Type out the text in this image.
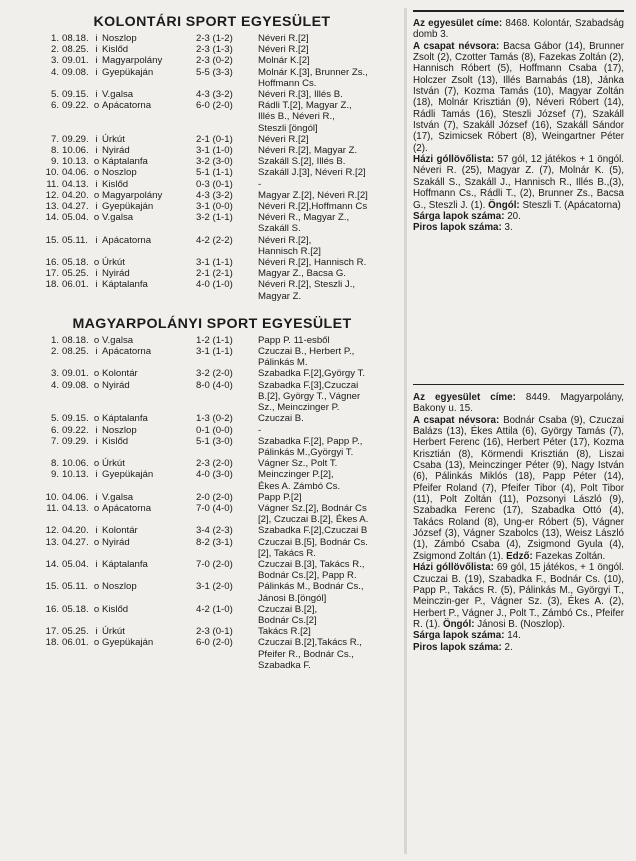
KOLONTÁRI SPORT EGYESÜLET
1. 08.18. i Noszlop	2-3 (1-2)	Néveri R.[2]
2. 08.25. i Kislőd	2-3 (1-3)	Néveri R.[2]
3. 09.01. i Magyarpolány	2-3 (0-2)	Molnár K.[2]
4. 09.08. i Gyepükaján	5-5 (3-3)	Molnár K.[3], Brunner Zs.,
Hoffmann Cs.
5. 09.15. i V.galsa	4-3 (3-2)	Néveri R.[3], Illés B.
6. 09.22. o Apácatorna	6-0 (2-0)	Rádli T.[2], Magyar Z.,
Illés B., Néveri R.,
Steszli [öngól]
7. 09.29. i Úrkút	2-1 (0-1)	Néveri R.[2]
8. 10.06. i Nyirád	3-1 (1-0)	Néveri R.[2], Magyar Z.
9. 10.13. o Káptalanfa	3-2 (3-0)	Szakáll S.[2], Illés B.
10. 04.06. o Noszlop	5-1 (1-1)	Szakáll J.[3], Néveri R.[2]
11. 04.13. i Kislőd	0-3 (0-1)	-
12. 04.20. o Magyarpolány	4-3 (3-2)	Magyar Z.[2], Néveri R.[2]
13. 04.27. i Gyepükaján	3-1 (0-0)	Néveri R.[2],Hoffmann Cs
14. 05.04. o V.galsa	3-2 (1-1)	Néveri R., Magyar Z.,
Szakáll S.
15. 05.11. i Apácatorna	4-2 (2-2)	Néveri R.[2],
Hannisch R.[2]
16. 05.18. o Úrkút	3-1 (1-1)	Néveri R.[2], Hannisch R.
17. 05.25. i Nyirád	2-1 (2-1)	Magyar Z., Bacsa G.
18. 06.01. i Káptalanfa	4-0 (1-0)	Néveri R.[2], Steszli J.,
Magyar Z.
MAGYARPOLÁNYI SPORT EGYESÜLET
1. 08.18. o V.galsa	1-2 (1-1)	Papp P. 11-esből
2. 08.25. i Apácatorna	3-1 (1-1)	Czuczai B., Herbert P.,
Pálinkás M.
3. 09.01. o Kolontár	3-2 (2-0)	Szabadka F.[2],György T.
4. 09.08. o Nyirád	8-0 (4-0)	Szabadka F.[3],Czuczai
B.[2], György T., Vágner
Sz., Meinczinger P.
5. 09.15. o Káptalanfa	1-3 (0-2)	Czuczai B.
6. 09.22. i Noszlop	0-1 (0-0)	-
7. 09.29. i Kislőd	5-1 (3-0)	Szabadka F.[2], Papp P.,
Pálinkás M.,Györgyi T.
8. 10.06. o Úrkút	2-3 (2-0)	Vágner Sz., Polt T.
9. 10.13. i Gyepükaján	4-0 (3-0)	Meinczinger P.[2],
Ékes A. Zámbó Cs.
10. 04.06. i V.galsa	2-0 (2-0)	Papp P.[2]
11. 04.13. o Apácatorna	7-0 (4-0)	Vágner Sz.[2], Bodnár Cs
[2], Czuczai B.[2], Ékes A.
12. 04.20. i Kolontár	3-4 (2-3)	Szabadka F.[2],Czuczai B
13. 04.27. o Nyirád	8-2 (3-1)	Czuczai B.[5], Bodnár Cs.
[2], Takács R.
14. 05.04. i Káptalanfa	7-0 (2-0)	Czuczai B.[3], Takács R.,
Bodnár Cs.[2], Papp R.
15. 05.11. o Noszlop	3-1 (2-0)	Pálinkás M., Bodnár Cs.,
Jánosi B.[öngól]
16. 05.18. o Kislőd	4-2 (1-0)	Czuczai B.[2],
Bodnár Cs.[2]
17. 05.25. i Úrkút	2-3 (0-1)	Takács R.[2]
18. 06.01. o Gyepükaján	6-0 (2-0)	Czuczai B.[2],Takács R.,
Pfeifer R., Bodnár Cs.,
Szabadka F.

Az egyesület címe: 8468. Kolontár, Szabadság domb 3.

A csapat névsora: Bacsa Gábor (14), Brunner Zsolt (2), Czotter Tamás (8), Fazekas Zoltán (2), Hannisch Róbert (5), Hoffmann Csaba (17), Holczer Zsolt (13), Illés Barnabás (18), Jánka István (7), Kozma Tamás (10), Magyar Zoltán (18), Molnár Krisztián (9), Néveri Róbert (14), Rádli Tamás (16), Steszli József (7), Szakáll István (7), Szakáll József (16), Szakáll Sándor (17), Szimicsek Róbert (8), Weingartner Péter (2).

Házi góllövőlista: 57 gól, 12 játékos + 1 öngól. Néveri R. (25), Magyar Z. (7), Molnár K. (5), Szakáll S., Szakáll J., Hannisch R., Illés B.,(3), Hoffmann Cs., Rádli T., (2), Brunner Zs., Bacsa G., Steszli J. (1). Öngól: Steszli T. (Apácatorna)

Sárga lapok száma: 20.

Piros lapok száma: 3.

Az egyesület címe: 8449. Magyarpolány, Bakony u. 15.

A csapat névsora: Bodnár Csaba (9), Czuczai Balázs (13), Ékes Attila (6), György Tamás (7), Herbert Ferenc (16), Herbert Péter (17), Kozma Krisztián (8), Körmendi Krisztián (8), Liszai Csaba (13), Meinczinger Péter (9), Nagy István (6), Pálinkás Miklós (18), Papp Péter (14), Pfeifer Roland (7), Pfeifer Tibor (4), Polt Tibor (11), Polt Zoltán (11), Pozsonyi László (9), Szabadka Ferenc (17), Szabadka Ottó (4), Takács Roland (8), Ung-er Róbert (5), Vágner József (3), Vágner Szabolcs (13), Weisz László (1), Zámbó Csaba (4), Zsigmond Gyula (4), Zsigmond Zoltán (1). Edző: Fazekas Zoltán.

Házi góllövőlista: 69 gól, 15 játékos, + 1 öngól. Czuczai B. (19), Szabadka F., Bodnár Cs. (10), Papp P., Takács R. (5), Pálinkás M., Györgyi T., Meinczin-ger P., Vágner Sz. (3), Ékes A. (2), Herbert P., Vágner J., Polt T., Zámbó Cs., Pfeifer R. (1). Öngól: Jánosi B. (Noszlop).

Sárga lapok száma: 14.

Piros lapok száma: 2.
